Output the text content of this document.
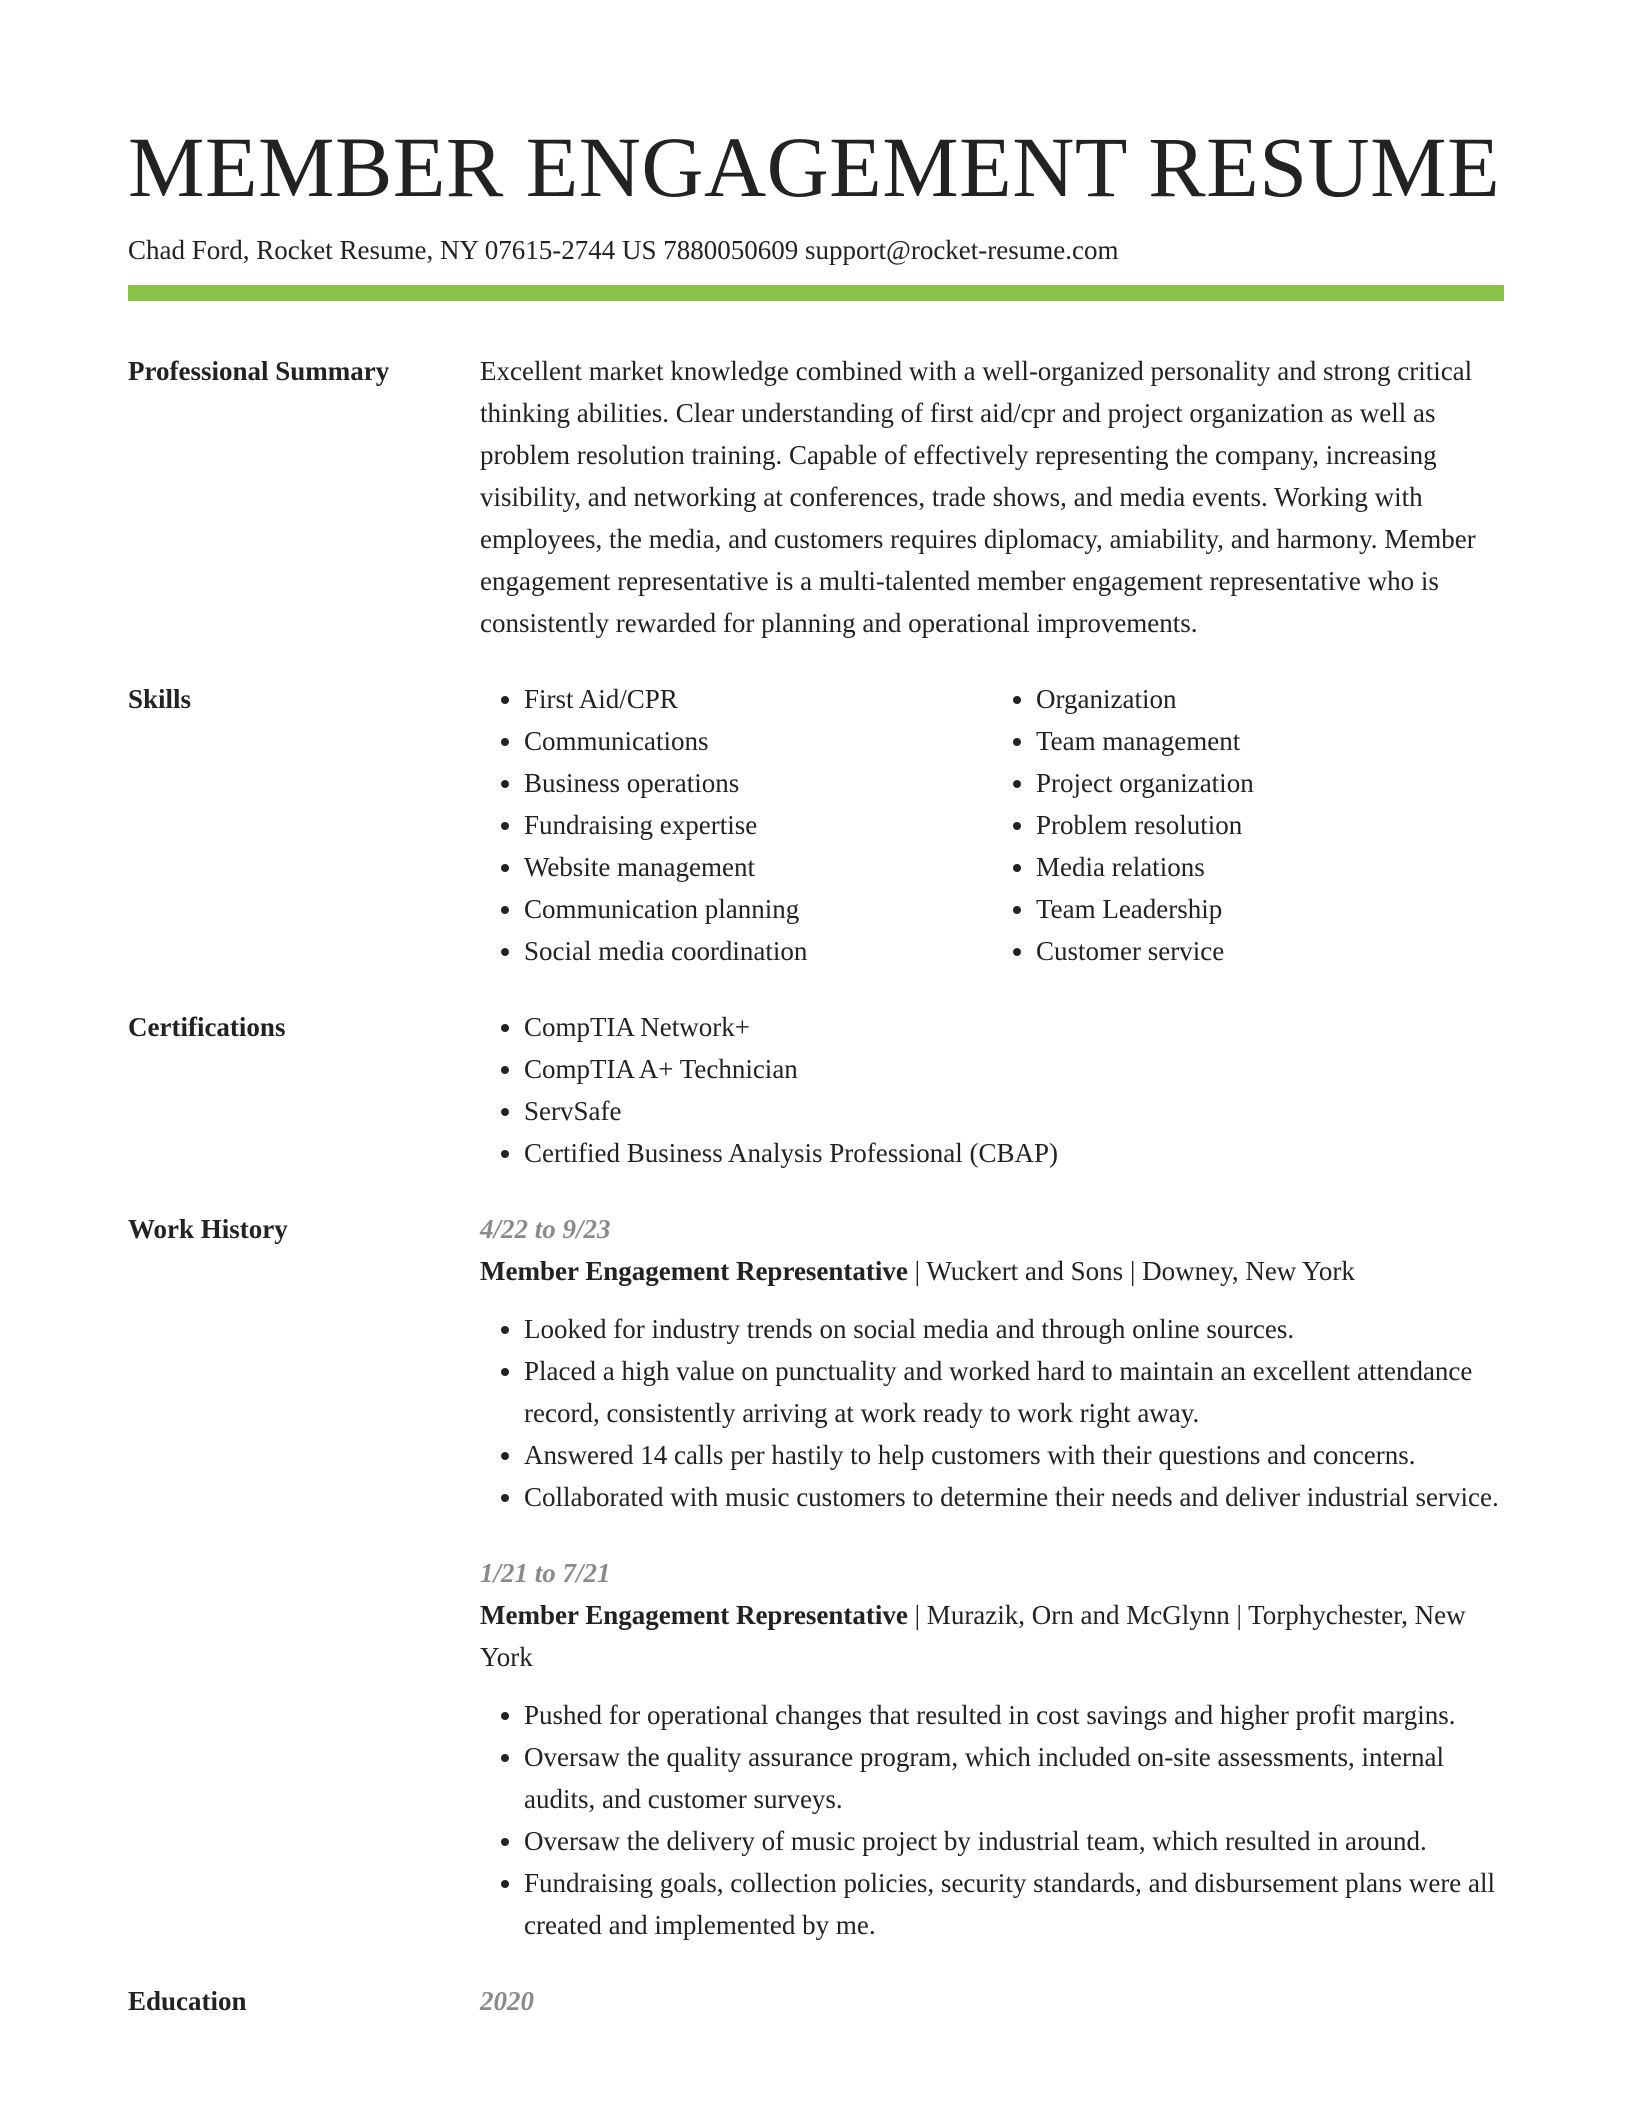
MEMBER ENGAGEMENT RESUME
Chad Ford, Rocket Resume, NY 07615-2744 US 7880050609 support@rocket-resume.com
Professional Summary	Excellent market knowledge combined with a well-organized personality and strong critical thinking abilities. Clear understanding of first aid/cpr and project organization as well as problem resolution training. Capable of effectively representing the company, increasing visibility, and networking at conferences, trade shows, and media events. Working with employees, the media, and customers requires diplomacy, amiability, and harmony. Member engagement representative is a multi-talented member engagement representative who is consistently rewarded for planning and operational improvements.

Skills	• First Aid/CPR
• Communications
• Business operations
• Fundraising expertise
• Website management
• Communication planning
• Social media coordination
• Organization
• Team management
• Project organization
• Problem resolution
• Media relations
• Team Leadership
• Customer service
Certifications	• CompTIA Network+
• CompTIA A+ Technician
• ServSafe
• Certified Business Analysis Professional (CBAP)
Work History	4/22 to 9/23
Member Engagement Representative | Wuckert and Sons | Downey, New York
• Looked for industry trends on social media and through online sources.
• Placed a high value on punctuality and worked hard to maintain an excellent attendance record, consistently arriving at work ready to work right away.
• Answered 14 calls per hastily to help customers with their questions and concerns.
• Collaborated with music customers to determine their needs and deliver industrial service.
1/21 to 7/21
Member Engagement Representative | Murazik, Orn and McGlynn | Torphychester, New York
• Pushed for operational changes that resulted in cost savings and higher profit margins.
• Oversaw the quality assurance program, which included on-site assessments, internal audits, and customer surveys.
• Oversaw the delivery of music project by industrial team, which resulted in around.
• Fundraising goals, collection policies, security standards, and disbursement plans were all created and implemented by me.
Education	2020
